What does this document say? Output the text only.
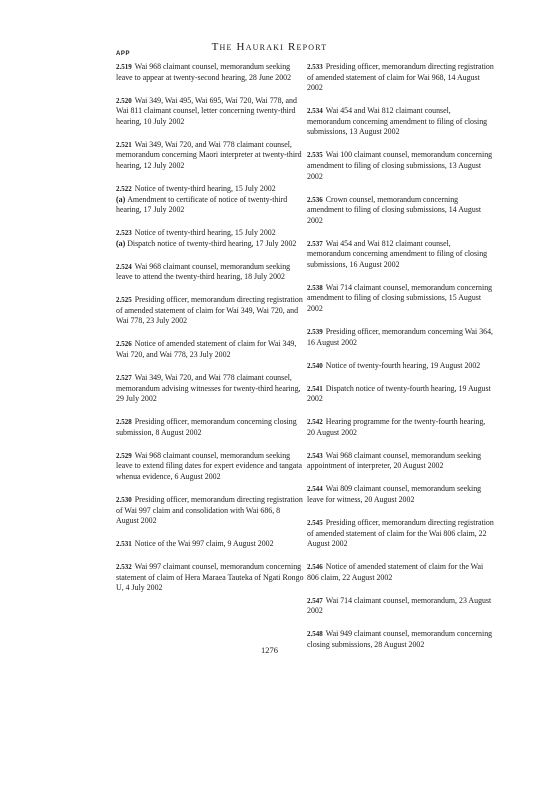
The Hauraki Report
APP
2.519 Wai 968 claimant counsel, memorandum seeking leave to appear at twenty-second hearing, 28 June 2002
2.520 Wai 349, Wai 495, Wai 695, Wai 720, Wai 778, and Wai 811 claimant counsel, letter concerning twenty-third hearing, 10 July 2002
2.521 Wai 349, Wai 720, and Wai 778 claimant counsel, memorandum concerning Maori interpreter at twenty-third hearing, 12 July 2002
2.522 Notice of twenty-third hearing, 15 July 2002
(a) Amendment to certificate of notice of twenty-third hearing, 17 July 2002
2.523 Notice of twenty-third hearing, 15 July 2002
(a) Dispatch notice of twenty-third hearing, 17 July 2002
2.524 Wai 968 claimant counsel, memorandum seeking leave to attend the twenty-third hearing, 18 July 2002
2.525 Presiding officer, memorandum directing registration of amended statement of claim for Wai 349, Wai 720, and Wai 778, 23 July 2002
2.526 Notice of amended statement of claim for Wai 349, Wai 720, and Wai 778, 23 July 2002
2.527 Wai 349, Wai 720, and Wai 778 claimant counsel, memorandum advising witnesses for twenty-third hearing, 29 July 2002
2.528 Presiding officer, memorandum concerning closing submission, 8 August 2002
2.529 Wai 968 claimant counsel, memorandum seeking leave to extend filing dates for expert evidence and tangata whenua evidence, 6 August 2002
2.530 Presiding officer, memorandum directing registration of Wai 997 claim and consolidation with Wai 686, 8 August 2002
2.531 Notice of the Wai 997 claim, 9 August 2002
2.532 Wai 997 claimant counsel, memorandum concerning statement of claim of Hera Maraea Tauteka of Ngati Rongo U, 4 July 2002
2.533 Presiding officer, memorandum directing registration of amended statement of claim for Wai 968, 14 August 2002
2.534 Wai 454 and Wai 812 claimant counsel, memorandum concerning amendment to filing of closing submissions, 13 August 2002
2.535 Wai 100 claimant counsel, memorandum concerning amendment to filing of closing submissions, 13 August 2002
2.536 Crown counsel, memorandum concerning amendment to filing of closing submissions, 14 August 2002
2.537 Wai 454 and Wai 812 claimant counsel, memorandum concerning amendment to filing of closing submissions, 16 August 2002
2.538 Wai 714 claimant counsel, memorandum concerning amendment to filing of closing submissions, 15 August 2002
2.539 Presiding officer, memorandum concerning Wai 364, 16 August 2002
2.540 Notice of twenty-fourth hearing, 19 August 2002
2.541 Dispatch notice of twenty-fourth hearing, 19 August 2002
2.542 Hearing programme for the twenty-fourth hearing, 20 August 2002
2.543 Wai 968 claimant counsel, memorandum seeking appointment of interpreter, 20 August 2002
2.544 Wai 809 claimant counsel, memorandum seeking leave for witness, 20 August 2002
2.545 Presiding officer, memorandum directing registration of amended statement of claim for the Wai 806 claim, 22 August 2002
2.546 Notice of amended statement of claim for the Wai 806 claim, 22 August 2002
2.547 Wai 714 claimant counsel, memorandum, 23 August 2002
2.548 Wai 949 claimant counsel, memorandum concerning closing submissions, 28 August 2002
1276
